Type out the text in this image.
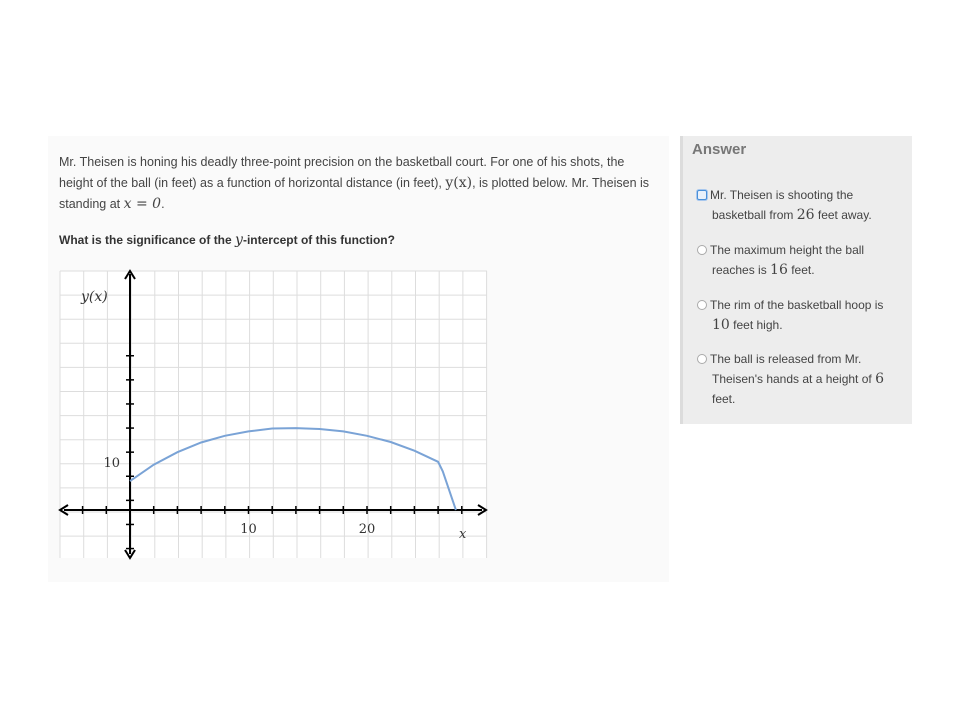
Mr. Theisen is honing his deadly three-point precision on the basketball court. For one of his shots, the height of the ball (in feet) as a function of horizontal distance (in feet), y(x), is plotted below. Mr. Theisen is standing at x = 0.
What is the significance of the y-intercept of this function?
10	20
10
y(x)
x
Answer
Mr. Theisen is shooting the
basketball from 26 feet away.
The maximum height the ball
reaches is 16 feet.
The rim of the basketball hoop is
10 feet high.
The ball is released from Mr.
Theisen's hands at a height of 6
feet.
